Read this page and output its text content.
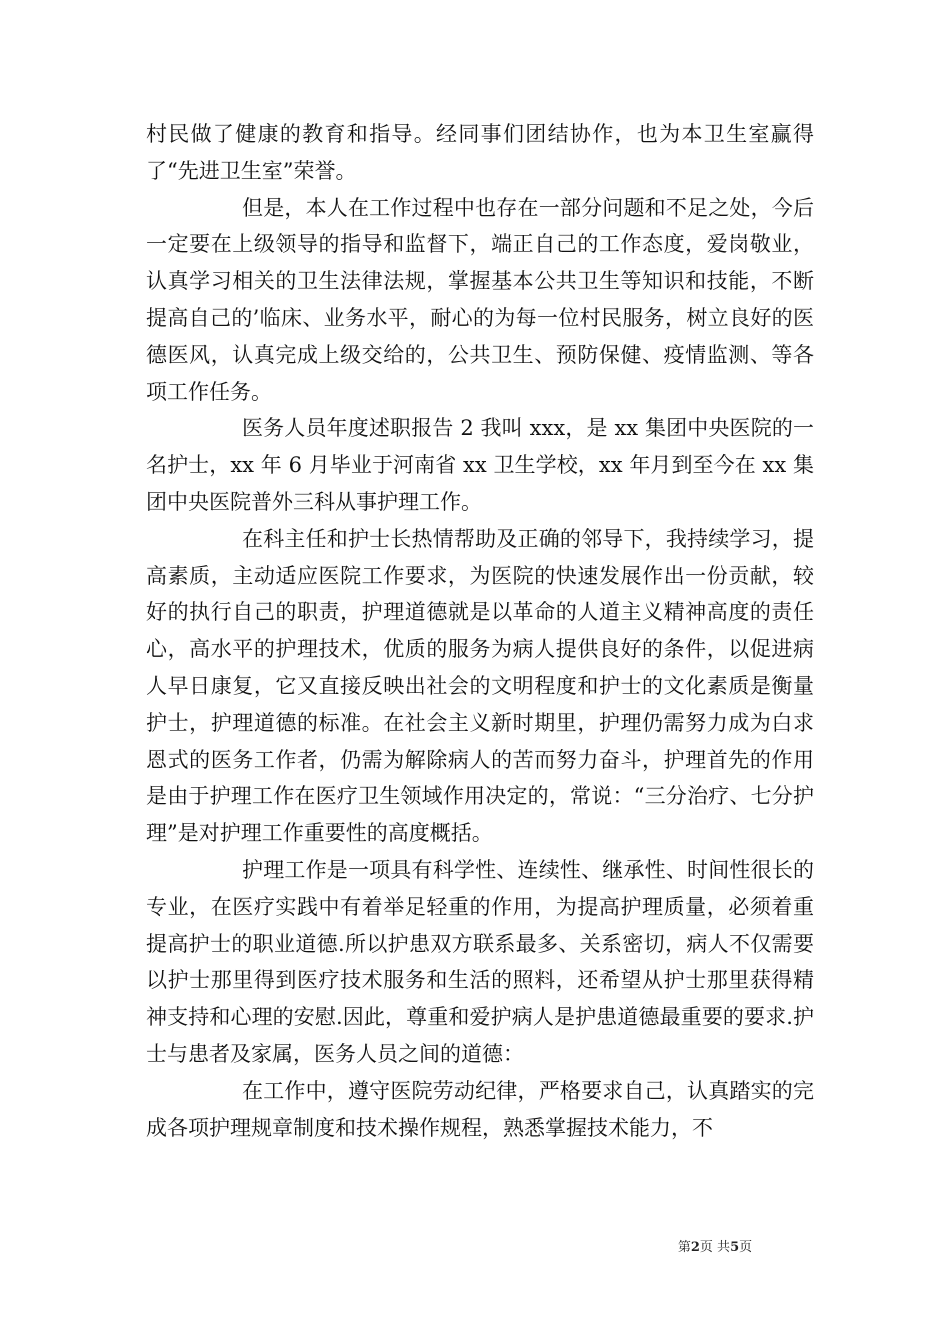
村民做了健康的教育和指导。经同事们团结协作，也为本卫生室赢得了“先进卫生室”荣誉。

但是，本人在工作过程中也存在一部分问题和不足之处，今后一定要在上级领导的指导和监督下，端正自己的工作态度，爱岗敬业，认真学习相关的卫生法律法规，掌握基本公共卫生等知识和技能，不断提高自己的’临床、业务水平，耐心的为每一位村民服务，树立良好的医德医风，认真完成上级交给的，公共卫生、预防保健、疫情监测、等各项工作任务。

医务人员年度述职报告 2 我叫 xxx，是 xx 集团中央医院的一名护士，xx 年 6 月毕业于河南省 xx 卫生学校，xx 年月到至今在 xx 集团中央医院普外三科从事护理工作。

在科主任和护士长热情帮助及正确的邻导下，我持续学习，提高素质，主动适应医院工作要求，为医院的快速发展作出一份贡献，较好的执行自己的职责，护理道德就是以革命的人道主义精神高度的责任心，高水平的护理技术，优质的服务为病人提供良好的条件，以促进病人早日康复，它又直接反映出社会的文明程度和护士的文化素质是衡量护士，护理道德的标准。在社会主义新时期里，护理仍需努力成为白求恩式的医务工作者，仍需为解除病人的苦而努力奋斗，护理首先的作用是由于护理工作在医疗卫生领域作用决定的，常说：“三分治疗、七分护理”是对护理工作重要性的高度概括。

护理工作是一项具有科学性、连续性、继承性、时间性很长的专业，在医疗实践中有着举足轻重的作用，为提高护理质量，必须着重提高护士的职业道德.所以护患双方联系最多、关系密切，病人不仅需要以护士那里得到医疗技术服务和生活的照料，还希望从护士那里获得精神支持和心理的安慰.因此，尊重和爱护病人是护患道德最重要的要求.护士与患者及家属，医务人员之间的道德：

在工作中，遵守医院劳动纪律，严格要求自己，认真踏实的完成各项护理规章制度和技术操作规程，熟悉掌握技术能力，不

第2页 共5页
